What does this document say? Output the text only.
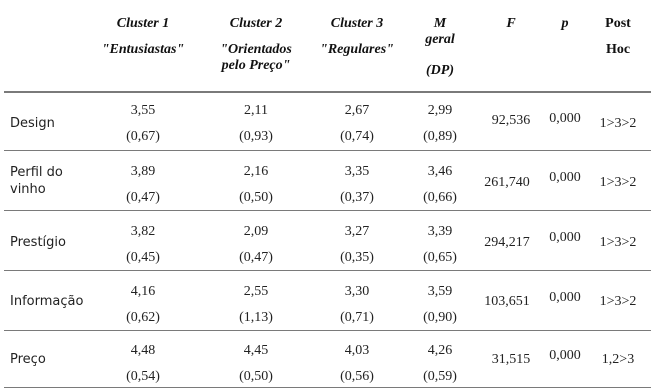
Cluster 1
"Entusiastas"
Cluster 2
"Orientados
pelo Preço"
Cluster 3
"Regulares"
M
geral
(DP)
F	p	Post
Hoc
Design
3,55
(0,67)
2,11
(0,93)
2,67
(0,74)
2,99
(0,89)
92,536 0,000 1>3>2
Perfil do
vinho
3,89
(0,47)
2,16
(0,50)
3,35
(0,37)
3,46
(0,66)
261,740 0,000 1>3>2
Prestígio
3,82
(0,45)
2,09
(0,47)
3,27
(0,35)
3,39
(0,65)
294,217 0,000 1>3>2
Informação
4,16
(0,62)
2,55
(1,13)
3,30
(0,71)
3,59
(0,90)
103,651 0,000 1>3>2
Preço
4,48
(0,54)
4,45
(0,50)
4,03
(0,56)
4,26
(0,59)
31,515 0,000 1,2>3
